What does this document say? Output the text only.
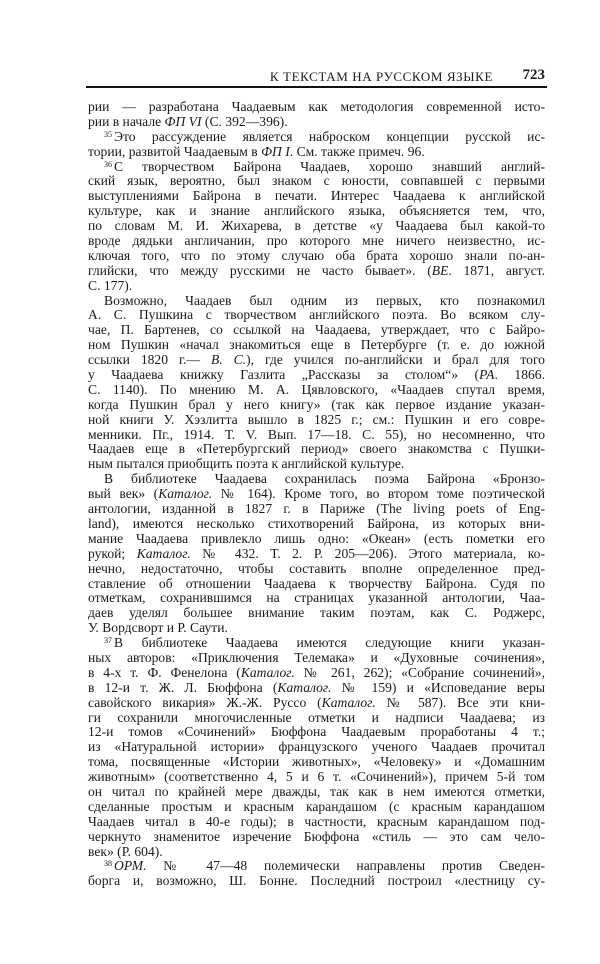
К ТЕКСТАМ НА РУССКОМ ЯЗЫКЕ 723
рии — разработана Чаадаевым как методология современной исто-
рии в начале ФП VI (С. 392—396).
$^{35}$ Это рассуждение является наброском концепции русской ис-
тории, развитой Чаадаевым в ФП I. См. также примеч. 96.
$^{36}$ С творчеством Байрона Чаадаев, хорошо знавший англий-
ский язык, вероятно, был знаком с юности, совпавшей с первыми
выступлениями Байрона в печати. Интерес Чаадаева к английской
культуре, как и знание английского языка, объясняется тем, что,
по словам М. И. Жихарева, в детстве «у Чаадаева был какой-то
вроде дядьки англичанин, про которого мне ничего неизвестно, ис-
ключая того, что по этому случаю оба брата хорошо знали по-ан-
глийски, что между русскими не часто бывает». (ВЕ. 1871, август.
С. 177).
Возможно, Чаадаев был одним из первых, кто познакомил
А. С. Пушкина с творчеством английского поэта. Во всяком слу-
чае, П. Бартенев, со ссылкой на Чаадаева, утверждает, что с Байро-
ном Пушкин «начал знакомиться еще в Петербурге (т. е. до южной
ссылки 1820 г.— В. С.), где учился по-английски и брал для того
у Чаадаева книжку Газлита „Рассказы за столом“» (РА. 1866.
С. 1140). По мнению М. А. Цявловского, «Чаадаев спутал время,
когда Пушкин брал у него книгу» (так как первое издание указан-
ной книги У. Хэзлитта вышло в 1825 г.; см.: Пушкин и его совре-
менники. Пг., 1914. Т. V. Вып. 17—18. С. 55), но несомненно, что
Чаадаев еще в «Петербургский период» своего знакомства с Пушки-
ным пытался приобщить поэта к английской культуре.
В библиотеке Чаадаева сохранилась поэма Байрона «Бронзо-
вый век» (Каталог. № 164). Кроме того, во втором томе поэтической
антологии, изданной в 1827 г. в Париже (The living poets of Eng-
land), имеются несколько стихотворений Байрона, из которых вни-
мание Чаадаева привлекло лишь одно: «Океан» (есть пометки его
рукой; Каталог. № 432. Т. 2. Р. 205—206). Этого материала, ко-
нечно, недостаточно, чтобы составить вполне определенное пред-
ставление об отношении Чаадаева к творчеству Байрона. Судя по
отметкам, сохранившимся на страницах указанной антологии, Чаа-
даев уделял большее внимание таким поэтам, как С. Роджерс,
У. Вордсворт и Р. Саути.
$^{37}$ В библиотеке Чаадаева имеются следующие книги указан-
ных авторов: «Приключения Телемака» и «Духовные сочинения»,
в 4-х т. Ф. Фенелона (Каталог. № 261, 262); «Собрание сочинений»,
в 12-и т. Ж. Л. Бюффона (Каталог. № 159) и «Исповедание веры
савойского викария» Ж.-Ж. Руссо (Каталог. № 587). Все эти кни-
ги сохранили многочисленные отметки и надписи Чаадаева; из
12-и томов «Сочинений» Бюффона Чаадаевым проработаны 4 т.;
из «Натуральной истории» французского ученого Чаадаев прочитал
тома, посвященные «Истории животных», «Человеку» и «Домашним
животным» (соответственно 4, 5 и 6 т. «Сочинений»), причем 5-й том
он читал по крайней мере дважды, так как в нем имеются отметки,
сделанные простым и красным карандашом (с красным карандашом
Чаадаев читал в 40-е годы); в частности, красным карандашом под-
черкнуто знаменитое изречение Бюффона «стиль — это сам чело-
век» (Р. 604).
$^{38}$ ОРМ. № 47—48 полемически направлены против Сведен-
борга и, возможно, Ш. Бонне. Последний построил «лестницу су-
